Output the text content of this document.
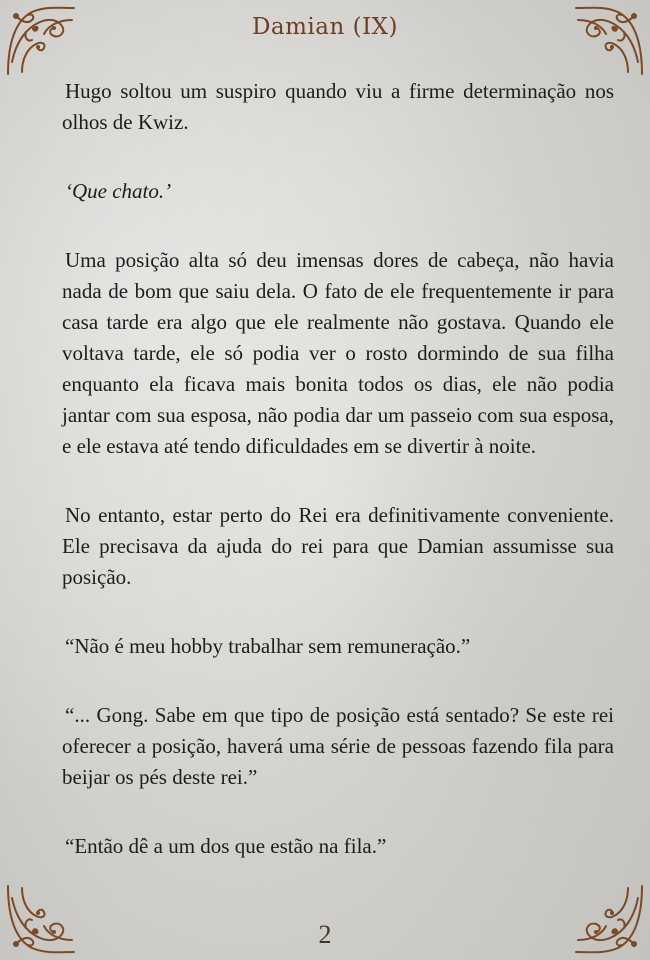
Damian (IX)

Hugo soltou um suspiro quando viu a firme determinação nos olhos de Kwiz.

‘Que chato.’

Uma posição alta só deu imensas dores de cabeça, não havia nada de bom que saiu dela. O fato de ele frequentemente ir para casa tarde era algo que ele realmente não gostava. Quando ele voltava tarde, ele só podia ver o rosto dormindo de sua filha enquanto ela ficava mais bonita todos os dias, ele não podia jantar com sua esposa, não podia dar um passeio com sua esposa, e ele estava até tendo dificuldades em se divertir à noite.

No entanto, estar perto do Rei era definitivamente conveniente. Ele precisava da ajuda do rei para que Damian assumisse sua posição.

“Não é meu hobby trabalhar sem remuneração.”

“... Gong. Sabe em que tipo de posição está sentado? Se este rei oferecer a posição, haverá uma série de pessoas fazendo fila para beijar os pés deste rei.”

“Então dê a um dos que estão na fila.”

2
